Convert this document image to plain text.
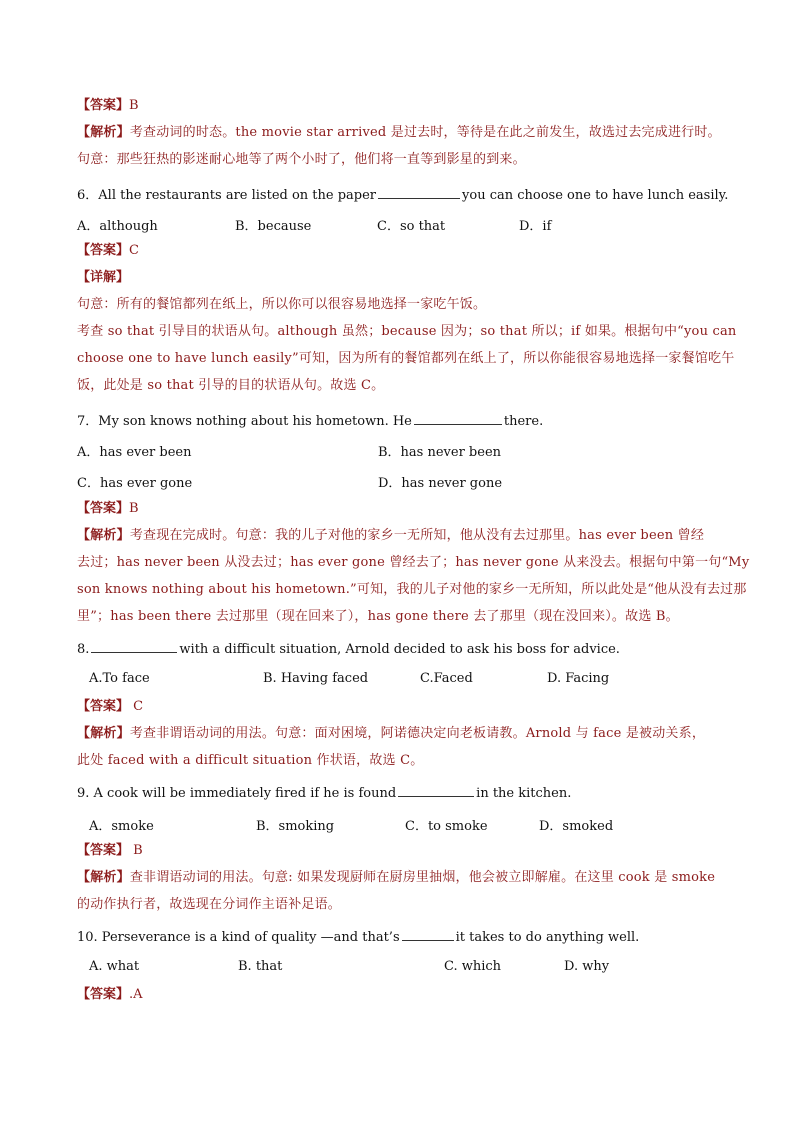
【答案】B
【解析】考查动词的时态。the movie star arrived 是过去时，等待是在此之前发生，故选过去完成进行时。
句意：那些狂热的影迷耐心地等了两个小时了，他们将一直等到影星的到来。
6．All the restaurants are listed on the paper	you can choose one to have lunch easily.
A．although	B．because	C．so that	D．if
【答案】C
【详解】
句意：所有的餐馆都列在纸上，所以你可以很容易地选择一家吃午饭。
考查 so that 引导目的状语从句。although 虽然；because 因为；so that 所以；if 如果。根据句中“you can
choose one to have lunch easily”可知，因为所有的餐馆都列在纸上了，所以你能很容易地选择一家餐馆吃午
饭，此处是 so that 引导的目的状语从句。故选 C。
7．My son knows nothing about his hometown. He	there.
A．has ever been	B．has never been
C．has ever gone	D．has never gone
【答案】B
【解析】考查现在完成时。句意：我的儿子对他的家乡一无所知，他从没有去过那里。has ever been 曾经
去过；has never been 从没去过；has ever gone 曾经去了；has never gone 从来没去。根据句中第一句“My
son knows nothing about his hometown.”可知，我的儿子对他的家乡一无所知，所以此处是“他从没有去过那
里”；has been there 去过那里（现在回来了），has gone there 去了那里（现在没回来）。故选 B。
8.	with a difficult situation, Arnold decided to ask his boss for advice.
A.To face	B. Having faced	C.Faced	D. Facing
【答案】 C
【解析】考查非谓语动词的用法。句意：面对困境，阿诺德决定向老板请教。Arnold 与 face 是被动关系，
此处 faced with a difficult situation 作状语，故选 C。
9. A cook will be immediately fired if he is found	in the kitchen.
A．smoke	B．smoking	C．to smoke	D．smoked
【答案】 B
【解析】查非谓语动词的用法。句意: 如果发现厨师在厨房里抽烟，他会被立即解雇。在这里 cook 是 smoke
的动作执行者，故选现在分词作主语补足语。
10. Perseverance is a kind of quality —and that’s	it takes to do anything well.
A. what	B. that	C. which	D. why
【答案】.A
